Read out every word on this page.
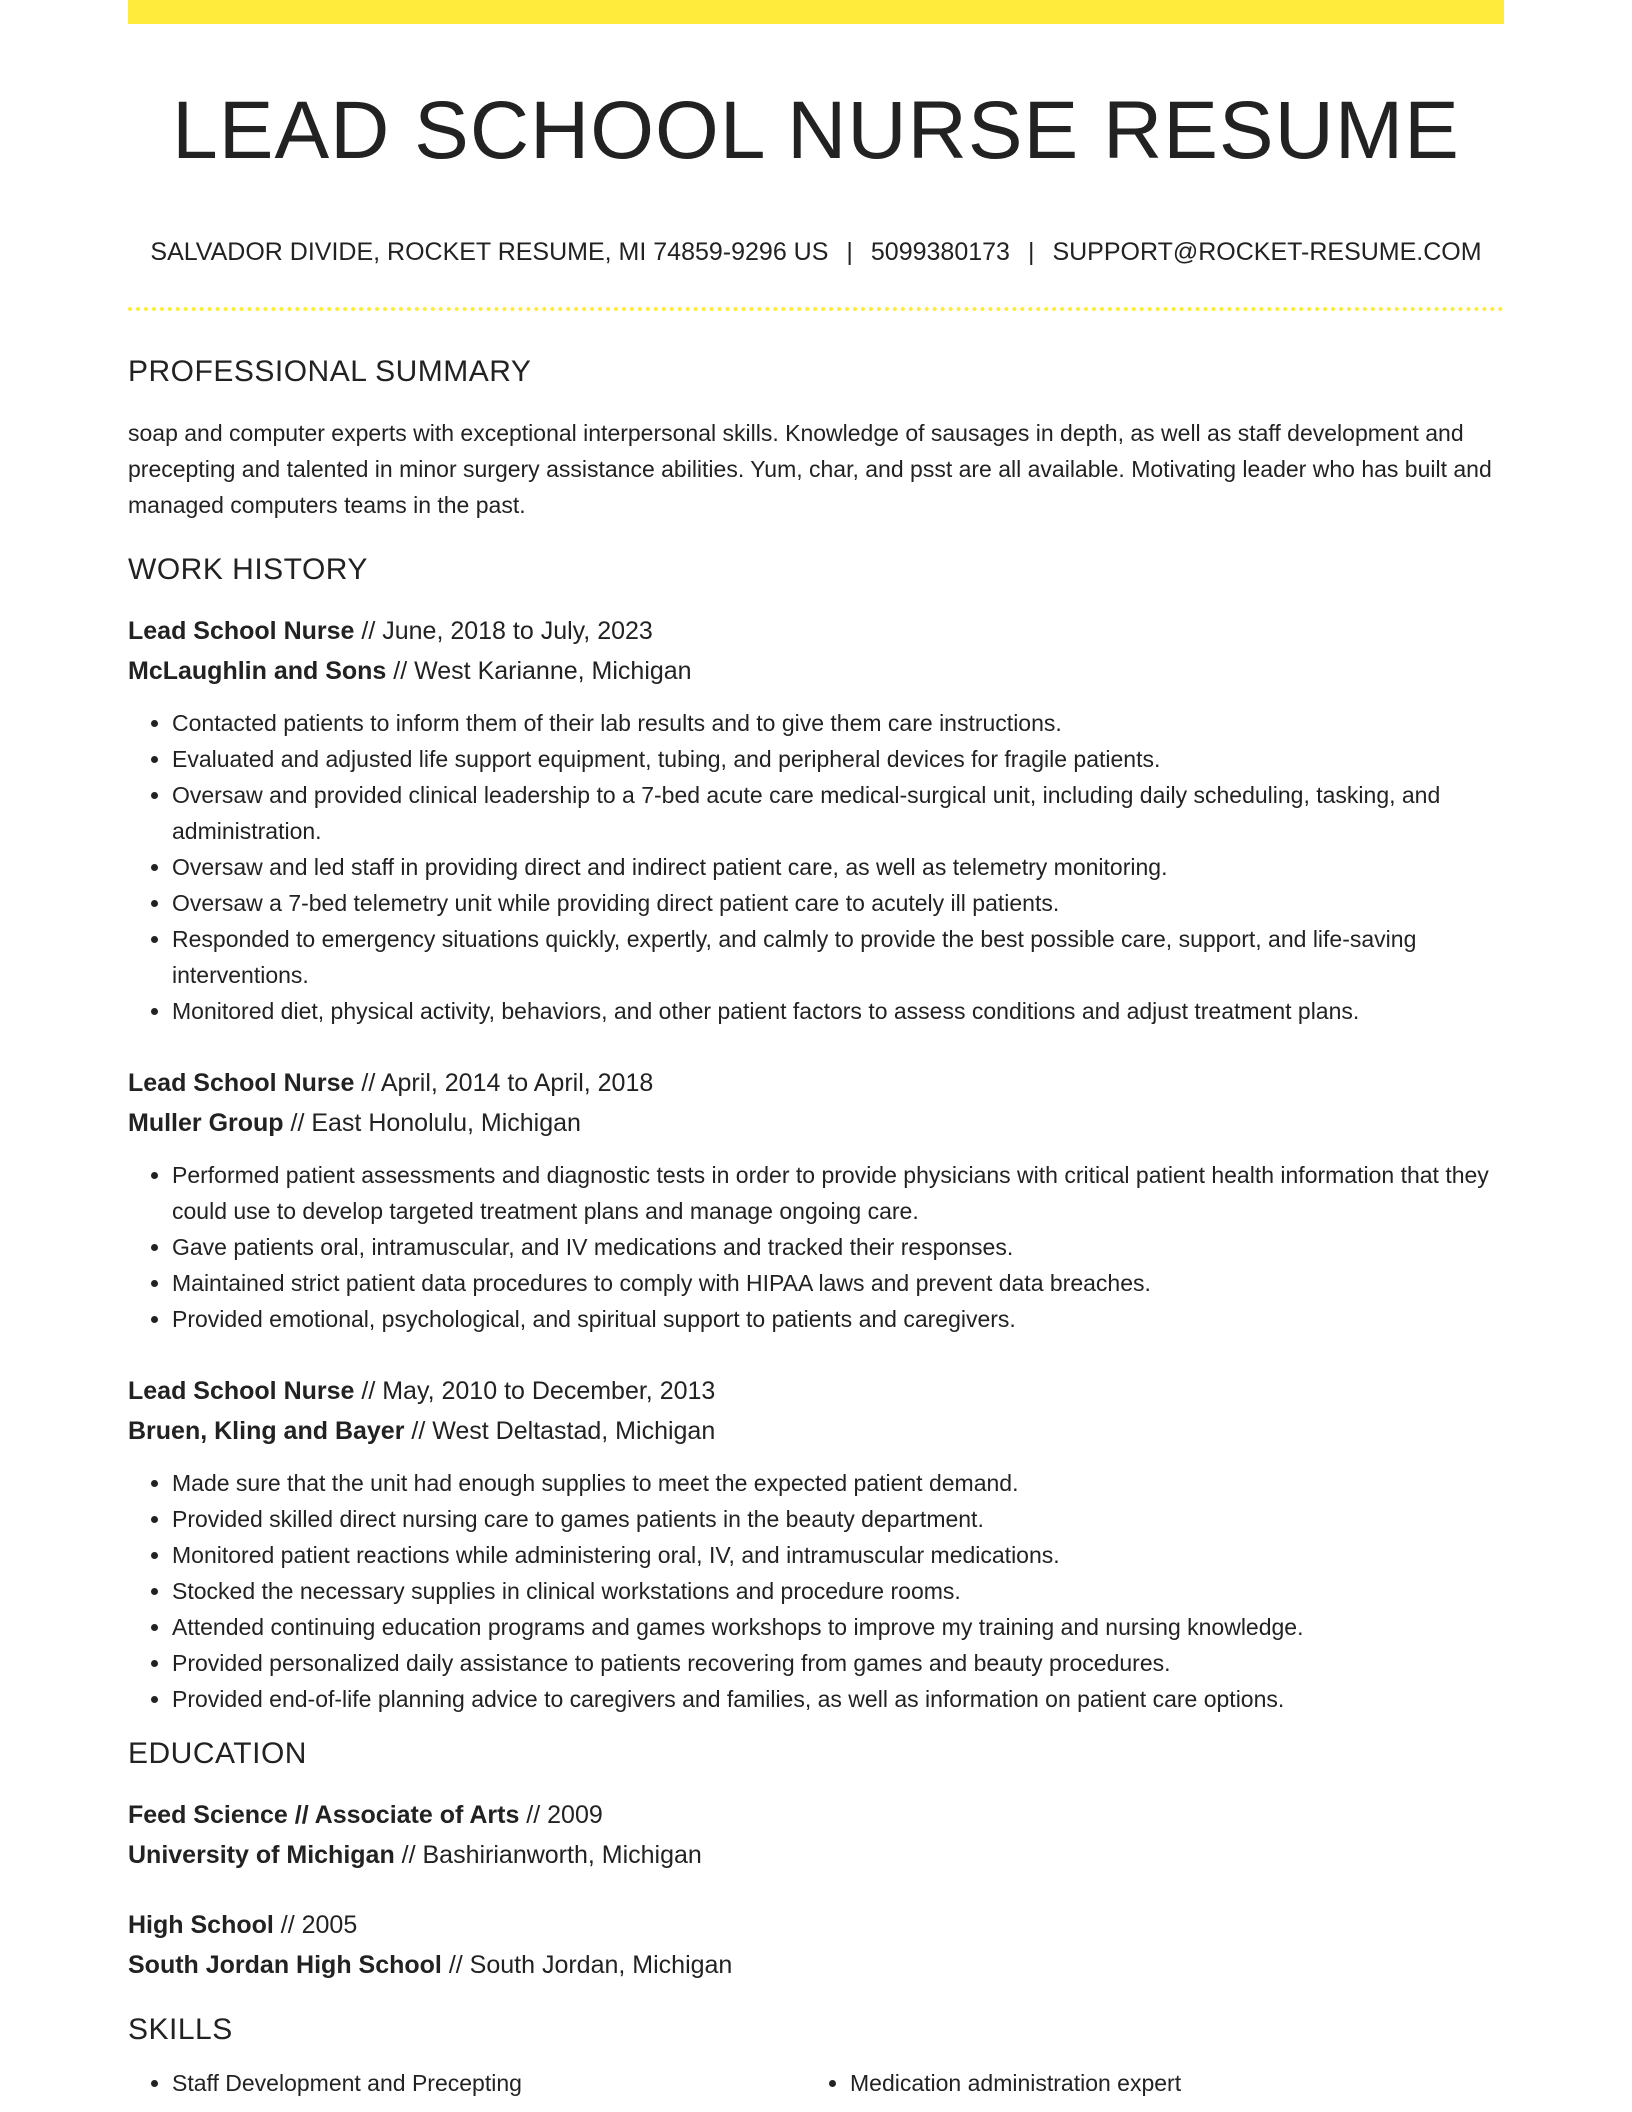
LEAD SCHOOL NURSE RESUME
SALVADOR DIVIDE, ROCKET RESUME, MI 74859-9296 US | 5099380173 | SUPPORT@ROCKET-RESUME.COM
PROFESSIONAL SUMMARY
soap and computer experts with exceptional interpersonal skills. Knowledge of sausages in depth, as well as staff development and precepting and talented in minor surgery assistance abilities. Yum, char, and psst are all available. Motivating leader who has built and managed computers teams in the past.
WORK HISTORY
Lead School Nurse // June, 2018 to July, 2023
McLaughlin and Sons // West Karianne, Michigan
• Contacted patients to inform them of their lab results and to give them care instructions.
• Evaluated and adjusted life support equipment, tubing, and peripheral devices for fragile patients.
• Oversaw and provided clinical leadership to a 7-bed acute care medical-surgical unit, including daily scheduling, tasking, and administration.
• Oversaw and led staff in providing direct and indirect patient care, as well as telemetry monitoring.
• Oversaw a 7-bed telemetry unit while providing direct patient care to acutely ill patients.
• Responded to emergency situations quickly, expertly, and calmly to provide the best possible care, support, and life-saving interventions.
• Monitored diet, physical activity, behaviors, and other patient factors to assess conditions and adjust treatment plans.
Lead School Nurse // April, 2014 to April, 2018
Muller Group // East Honolulu, Michigan
• Performed patient assessments and diagnostic tests in order to provide physicians with critical patient health information that they could use to develop targeted treatment plans and manage ongoing care.
• Gave patients oral, intramuscular, and IV medications and tracked their responses.
• Maintained strict patient data procedures to comply with HIPAA laws and prevent data breaches.
• Provided emotional, psychological, and spiritual support to patients and caregivers.
Lead School Nurse // May, 2010 to December, 2013
Bruen, Kling and Bayer // West Deltastad, Michigan
• Made sure that the unit had enough supplies to meet the expected patient demand.
• Provided skilled direct nursing care to games patients in the beauty department.
• Monitored patient reactions while administering oral, IV, and intramuscular medications.
• Stocked the necessary supplies in clinical workstations and procedure rooms.
• Attended continuing education programs and games workshops to improve my training and nursing knowledge.
• Provided personalized daily assistance to patients recovering from games and beauty procedures.
• Provided end-of-life planning advice to caregivers and families, as well as information on patient care options.
EDUCATION
Feed Science // Associate of Arts // 2009
University of Michigan // Bashirianworth, Michigan
High School // 2005
South Jordan High School // South Jordan, Michigan
SKILLS
• Staff Development and Precepting
•	Medication administration expert
